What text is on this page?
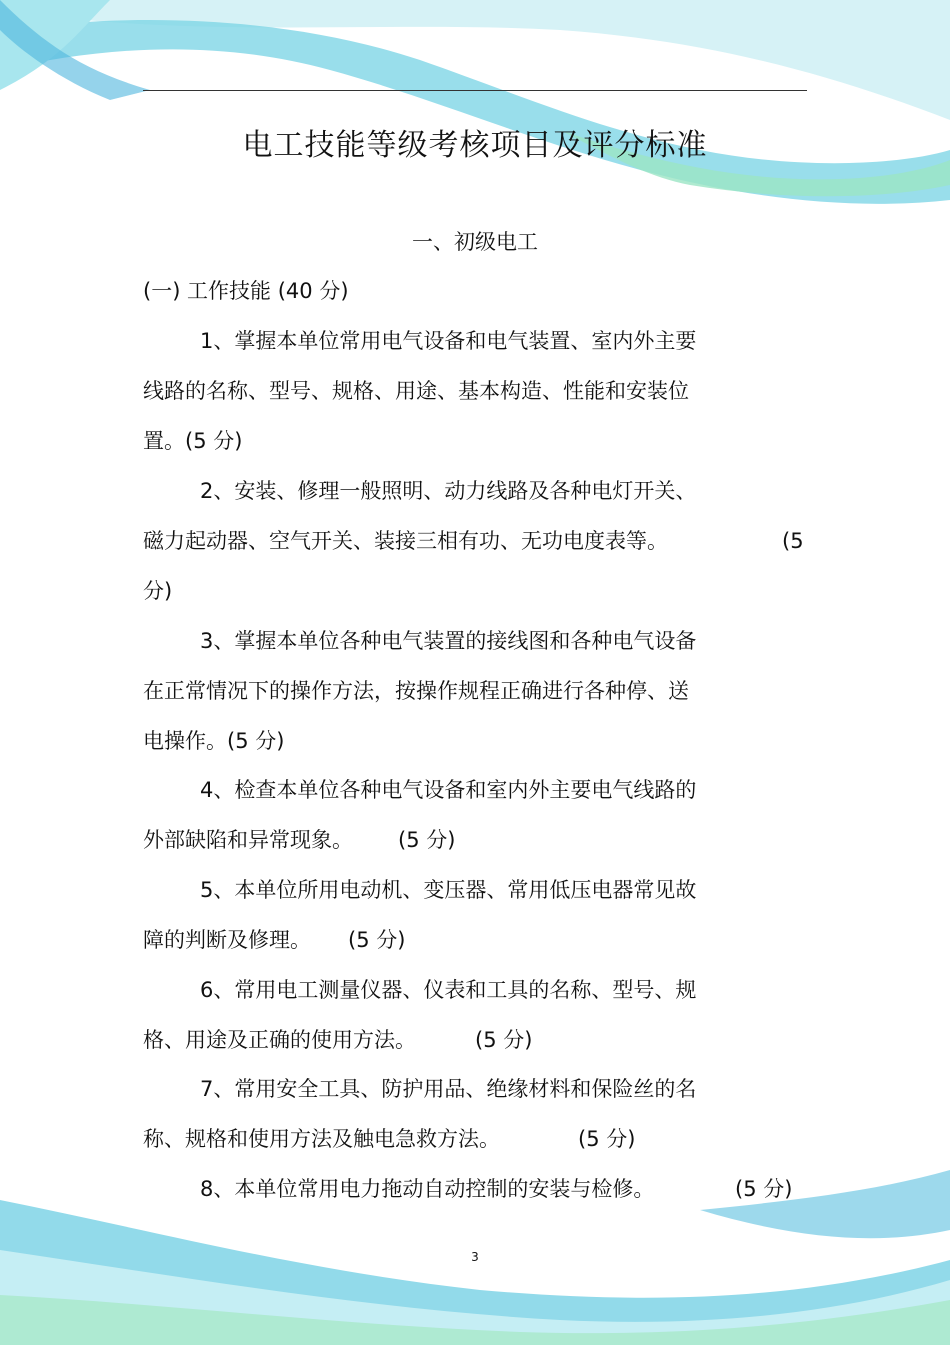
电工技能等级考核项目及评分标准
一、初级电工
(一) 工作技能 (40 分)
1、掌握本单位常用电气设备和电气装置、室内外主要
线路的名称、型号、规格、用途、基本构造、性能和安装位
置。(5 分)
2、安装、修理一般照明、动力线路及各种电灯开关、
磁力起动器、空气开关、装接三相有功、无功电度表等。	(5
分)
3、掌握本单位各种电气装置的接线图和各种电气设备
在正常情况下的操作方法，按操作规程正确进行各种停、送
电操作。(5 分)
4、检查本单位各种电气设备和室内外主要电气线路的
外部缺陷和异常现象。 (5 分)
5、本单位所用电动机、变压器、常用低压电器常见故
障的判断及修理。 (5 分)
6、常用电工测量仪器、仪表和工具的名称、型号、规
格、用途及正确的使用方法。	(5 分)
7、常用安全工具、防护用品、绝缘材料和保险丝的名
称、规格和使用方法及触电急救方法。	(5 分)
8、本单位常用电力拖动自动控制的安装与检修。	(5 分)
3
